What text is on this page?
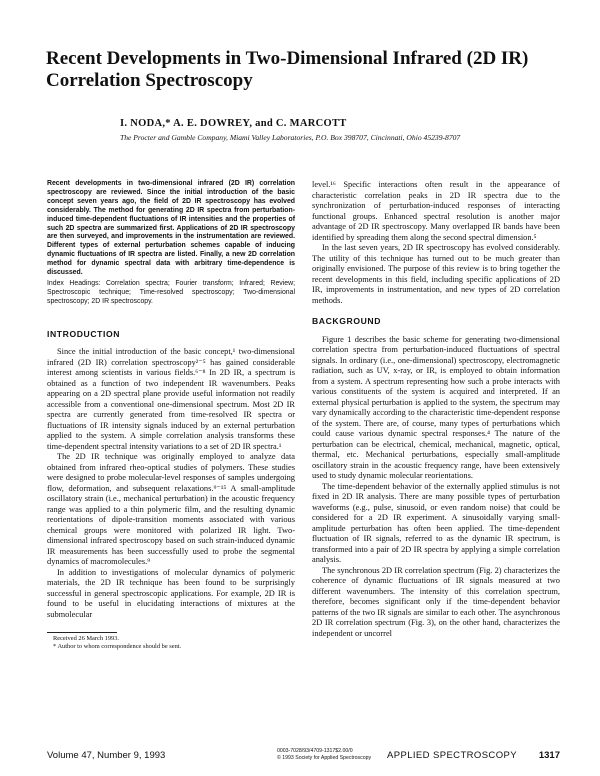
Recent Developments in Two-Dimensional Infrared (2D IR) Correlation Spectroscopy
I. NODA,* A. E. DOWREY, and C. MARCOTT
The Procter and Gamble Company, Miami Valley Laboratories, P.O. Box 398707, Cincinnati, Ohio 45239-8707

Recent developments in two-dimensional infrared (2D IR) correlation spectroscopy are reviewed. Since the initial introduction of the basic concept seven years ago, the field of 2D IR spectroscopy has evolved considerably. The method for generating 2D IR spectra from perturbation-induced time-dependent fluctuations of IR intensities and the properties of such 2D spectra are summarized first. Applications of 2D IR spectroscopy are then surveyed, and improvements in the instrumentation are reviewed. Different types of external perturbation schemes capable of inducing dynamic fluctuations of IR spectra are listed. Finally, a new 2D correlation method for dynamic spectral data with arbitrary time-dependence is discussed.

Index Headings: Correlation spectra; Fourier transform; Infrared; Review; Spectroscopic technique; Time-resolved spectroscopy; Two-dimensional spectroscopy; 2D IR spectroscopy.

INTRODUCTION

Since the initial introduction of the basic concept,¹ two-dimensional infrared (2D IR) correlation spectroscopy²⁻⁵ has gained considerable interest among scientists in various fields.⁶⁻⁸ In 2D IR, a spectrum is obtained as a function of two independent IR wavenumbers. Peaks appearing on a 2D spectral plane provide useful information not readily accessible from a conventional one-dimensional spectrum. Most 2D IR spectra are currently generated from time-resolved IR spectra or fluctuations of IR intensity signals induced by an external perturbation applied to the system. A simple correlation analysis transforms these time-dependent spectral intensity variations to a set of 2D IR spectra.¹

The 2D IR technique was originally employed to analyze data obtained from infrared rheo-optical studies of polymers. These studies were designed to probe molecular-level responses of samples undergoing flow, deformation, and subsequent relaxations.⁹⁻¹⁵ A small-amplitude oscillatory strain (i.e., mechanical perturbation) in the acoustic frequency range was applied to a thin polymeric film, and the resulting dynamic reorientations of dipole-transition moments associated with various chemical groups were monitored with polarized IR light. Two-dimensional infrared spectroscopy based on such strain-induced dynamic IR measurements has been successfully used to probe the segmental dynamics of macromolecules.⁹

In addition to investigations of molecular dynamics of polymeric materials, the 2D IR technique has been found to be surprisingly successful in general spectroscopic applications. For example, 2D IR is found to be useful in elucidating interactions of mixtures at the submolecular

Received 26 March 1993.

* Author to whom correspondence should be sent.

level.¹⁶ Specific interactions often result in the appearance of characteristic correlation peaks in 2D IR spectra due to the synchronization of perturbation-induced responses of interacting functional groups. Enhanced spectral resolution is another major advantage of 2D IR spectroscopy. Many overlapped IR bands have been identified by spreading them along the second spectral dimension.⁵

In the last seven years, 2D IR spectroscopy has evolved considerably. The utility of this technique has turned out to be much greater than originally envisioned. The purpose of this review is to bring together the recent developments in this field, including specific applications of 2D IR, improvements in instrumentation, and new types of 2D correlation methods.

BACKGROUND

Figure 1 describes the basic scheme for generating two-dimensional correlation spectra from perturbation-induced fluctuations of spectral signals. In ordinary (i.e., one-dimensional) spectroscopy, electromagnetic radiation, such as UV, x-ray, or IR, is employed to obtain information from a system. A spectrum representing how such a probe interacts with various constituents of the system is acquired and interpreted. If an external physical perturbation is applied to the system, the spectrum may vary dynamically according to the characteristic time-dependent response of the system. There are, of course, many types of perturbations which could cause various dynamic spectral responses.⁴ The nature of the perturbation can be electrical, chemical, mechanical, magnetic, optical, thermal, etc. Mechanical perturbations, especially small-amplitude oscillatory strain in the acoustic frequency range, have been extensively used to study dynamic molecular reorientations.

The time-dependent behavior of the externally applied stimulus is not fixed in 2D IR analysis. There are many possible types of perturbation waveforms (e.g., pulse, sinusoid, or even random noise) that could be considered for a 2D IR experiment. A sinusoidally varying small-amplitude perturbation has often been applied. The time-dependent fluctuation of IR signals, referred to as the dynamic IR spectrum, is transformed into a pair of 2D IR spectra by applying a simple correlation analysis.

The synchronous 2D IR correlation spectrum (Fig. 2) characterizes the coherence of dynamic fluctuations of IR signals measured at two different wavenumbers. The intensity of this correlation spectrum, therefore, becomes significant only if the time-dependent behavior patterns of the two IR signals are similar to each other. The asynchronous 2D IR correlation spectrum (Fig. 3), on the other hand, characterizes the independent or uncorrel

Volume 47, Number 9, 1993	0003-7028/93/4709-1317$2.00/0
© 1993 Society for Applied Spectroscopy APPLIED SPECTROSCOPY 1317
